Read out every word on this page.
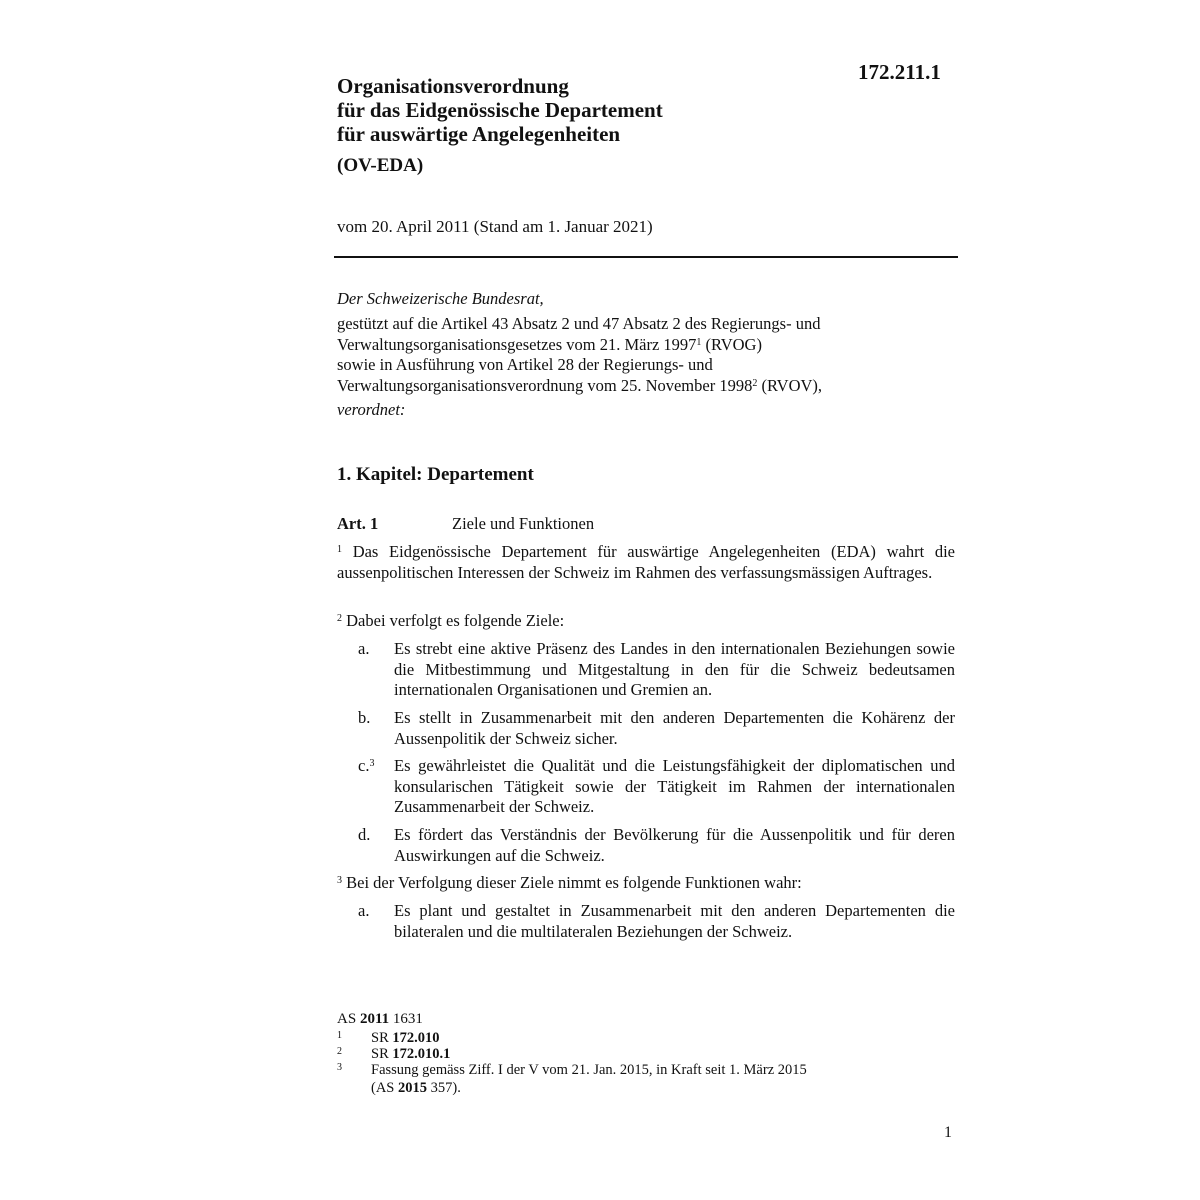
172.211.1
Organisationsverordnung
für das Eidgenössische Departement
für auswärtige Angelegenheiten
(OV-EDA)
vom 20. April 2011 (Stand am 1. Januar 2021)
Der Schweizerische Bundesrat,
gestützt auf die Artikel 43 Absatz 2 und 47 Absatz 2 des Regierungs- und
Verwaltungsorganisationsgesetzes vom 21. März 1997$^1$ (RVOG)
sowie in Ausführung von Artikel 28 der Regierungs- und
Verwaltungsorganisationsverordnung vom 25. November 1998$^2$ (RVOV),
verordnet:
1. Kapitel: Departement
Art. 1	Ziele und Funktionen
$^1$ Das Eidgenössische Departement für auswärtige Angelegenheiten (EDA) wahrt die aussenpolitischen Interessen der Schweiz im Rahmen des verfassungsmässigen Auftrages.
$^2$ Dabei verfolgt es folgende Ziele:
a. Es strebt eine aktive Präsenz des Landes in den internationalen Beziehungen sowie die Mitbestimmung und Mitgestaltung in den für die Schweiz bedeutsamen internationalen Organisationen und Gremien an.
b. Es stellt in Zusammenarbeit mit den anderen Departementen die Kohärenz der Aussenpolitik der Schweiz sicher.
c.$^3$ Es gewährleistet die Qualität und die Leistungsfähigkeit der diplomatischen und konsularischen Tätigkeit sowie der Tätigkeit im Rahmen der internationalen Zusammenarbeit der Schweiz.
d. Es fördert das Verständnis der Bevölkerung für die Aussenpolitik und für deren Auswirkungen auf die Schweiz.
$^3$ Bei der Verfolgung dieser Ziele nimmt es folgende Funktionen wahr:
a. Es plant und gestaltet in Zusammenarbeit mit den anderen Departementen die bilateralen und die multilateralen Beziehungen der Schweiz.
AS 2011 1631
1 SR 172.010
2 SR 172.010.1
3 Fassung gemäss Ziff. I der V vom 21. Jan. 2015, in Kraft seit 1. März 2015
(AS 2015 357).
1
